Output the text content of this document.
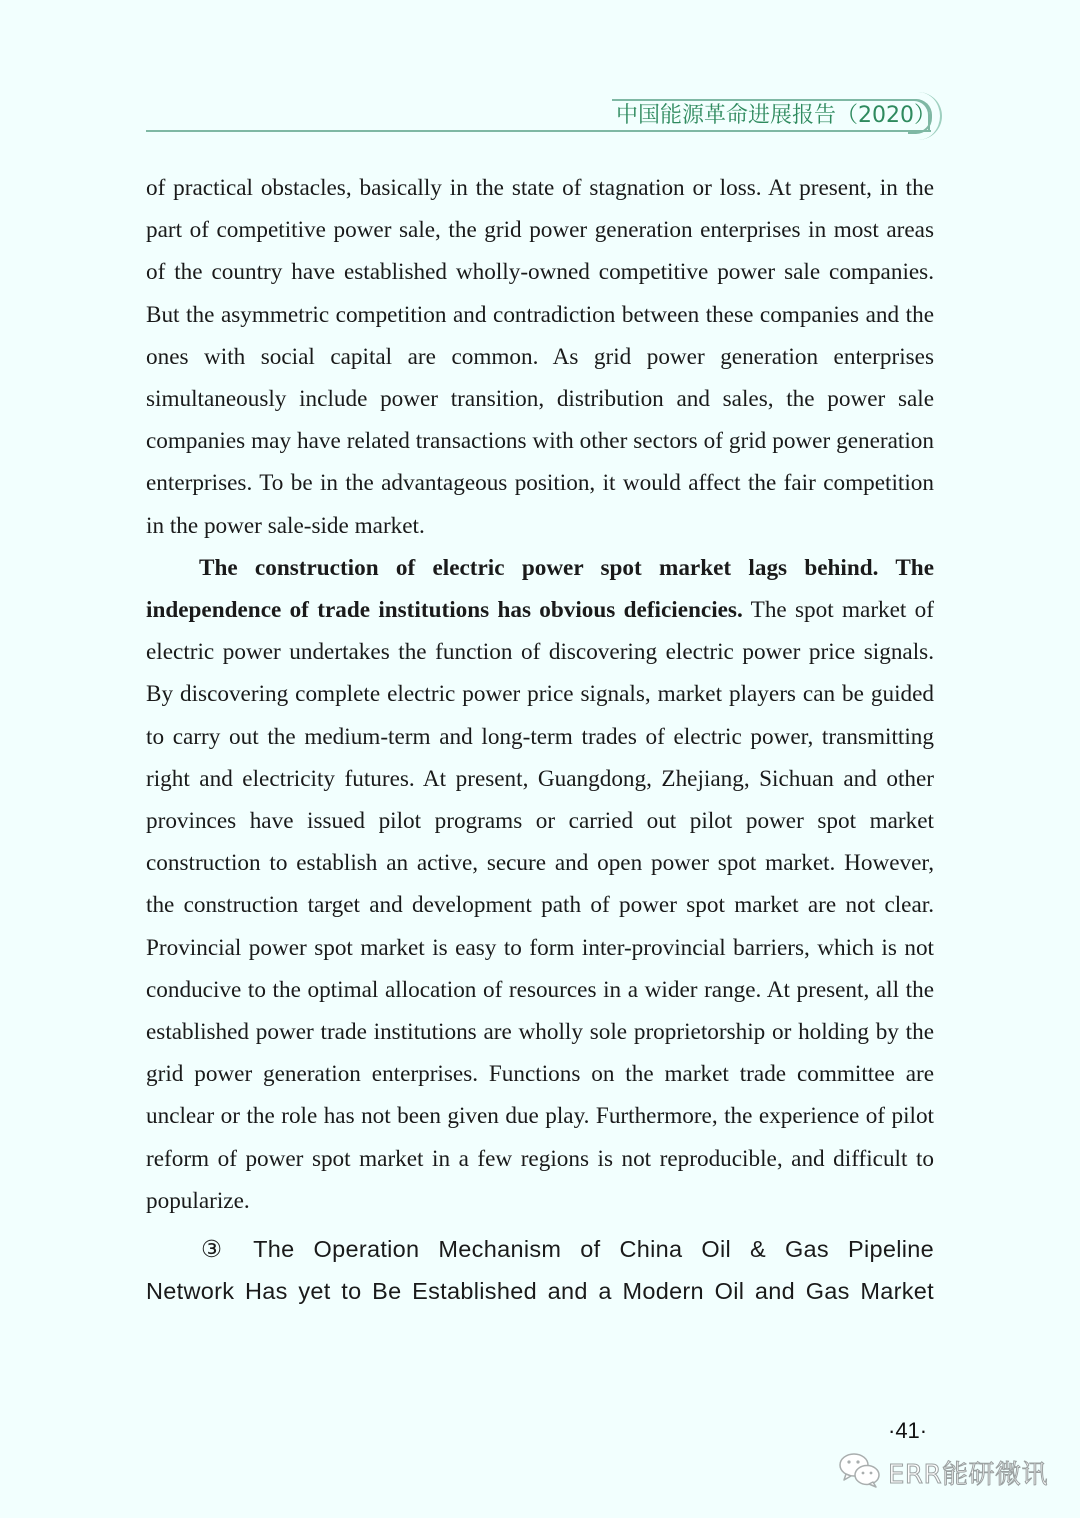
中国能源革命进展报告（2020）

of practical obstacles, basically in the state of stagnation or loss. At present, in the part of competitive power sale, the grid power generation enterprises in most areas of the country have established wholly-owned competitive power sale companies. But the asymmetric competition and contradiction between these companies and the ones with social capital are common. As grid power generation enterprises simultaneously include power transition, distribution and sales, the power sale companies may have related transactions with other sectors of grid power generation enterprises. To be in the advantageous position, it would affect the fair competition in the power sale-side market.

The construction of electric power spot market lags behind. The independence of trade institutions has obvious deficiencies. The spot market of electric power undertakes the function of discovering electric power price signals. By discovering complete electric power price signals, market players can be guided to carry out the medium-term and long-term trades of electric power, transmitting right and electricity futures. At present, Guangdong, Zhejiang, Sichuan and other provinces have issued pilot programs or carried out pilot power spot market construction to establish an active, secure and open power spot market. However, the construction target and development path of power spot market are not clear. Provincial power spot market is easy to form inter-provincial barriers, which is not conducive to the optimal allocation of resources in a wider range. At present, all the established power trade institutions are wholly sole proprietorship or holding by the grid power generation enterprises. Functions on the market trade committee are unclear or the role has not been given due play. Furthermore, the experience of pilot reform of power spot market in a few regions is not reproducible, and difficult to popularize.

③ The Operation Mechanism of China Oil & Gas Pipeline
Network Has yet to Be Established and a Modern Oil and Gas Market
·41·
ERR能研微讯
